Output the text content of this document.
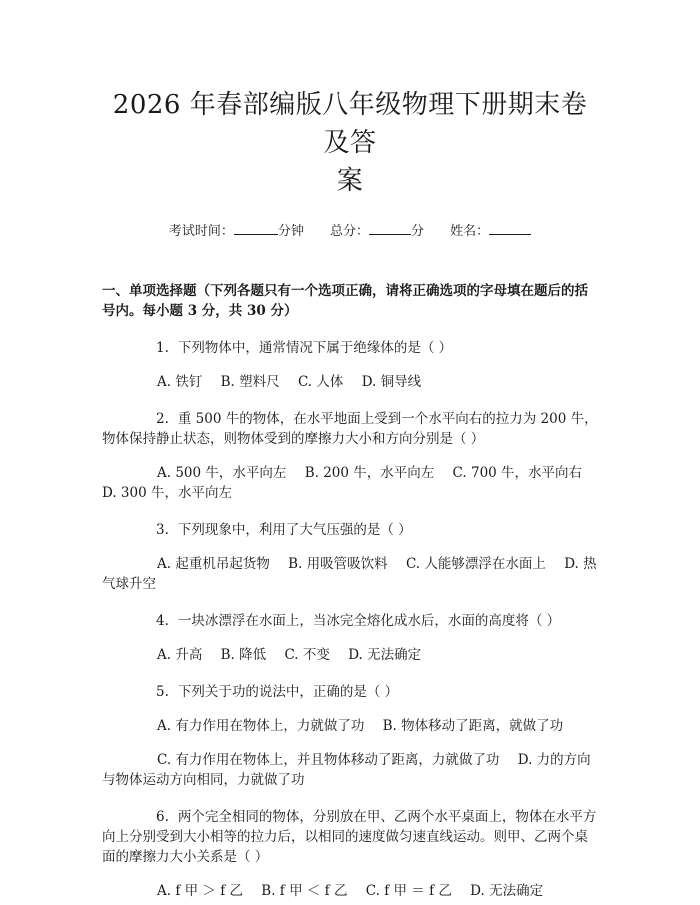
2026 年春部编版八年级物理下册期末卷及答
案
考试时间：	分钟 总分：	分 姓名：
一、单项选择题（下列各题只有一个选项正确，请将正确选项的字母填在题后的括号内。每小题 3 分，共 30 分）
1. 下列物体中，通常情况下属于绝缘体的是（ ）
A. 铁钉 B. 塑料尺 C. 人体 D. 铜导线
2. 重 500 牛的物体，在水平地面上受到一个水平向右的拉力为 200 牛，物体保持静止状态，则物体受到的摩擦力大小和方向分别是（ ）
A. 500 牛，水平向左 B. 200 牛，水平向左 C. 700 牛，水平向右 D. 300 牛，水平向左
3. 下列现象中，利用了大气压强的是（ ）
A. 起重机吊起货物 B. 用吸管吸饮料 C. 人能够漂浮在水面上 D. 热气球升空
4. 一块冰漂浮在水面上，当冰完全熔化成水后，水面的高度将（ ）
A. 升高 B. 降低 C. 不变 D. 无法确定
5. 下列关于功的说法中，正确的是（ ）
A. 有力作用在物体上，力就做了功 B. 物体移动了距离，就做了功
C. 有力作用在物体上，并且物体移动了距离，力就做了功 D. 力的方向与物体运动方向相同，力就做了功
6. 两个完全相同的物体，分别放在甲、乙两个水平桌面上，物体在水平方向上分别受到大小相等的拉力后，以相同的速度做匀速直线运动。则甲、乙两个桌面的摩擦力大小关系是（ ）
A. f 甲 ＞ f 乙 B. f 甲 ＜ f 乙 C. f 甲 ＝ f 乙 D. 无法确定
